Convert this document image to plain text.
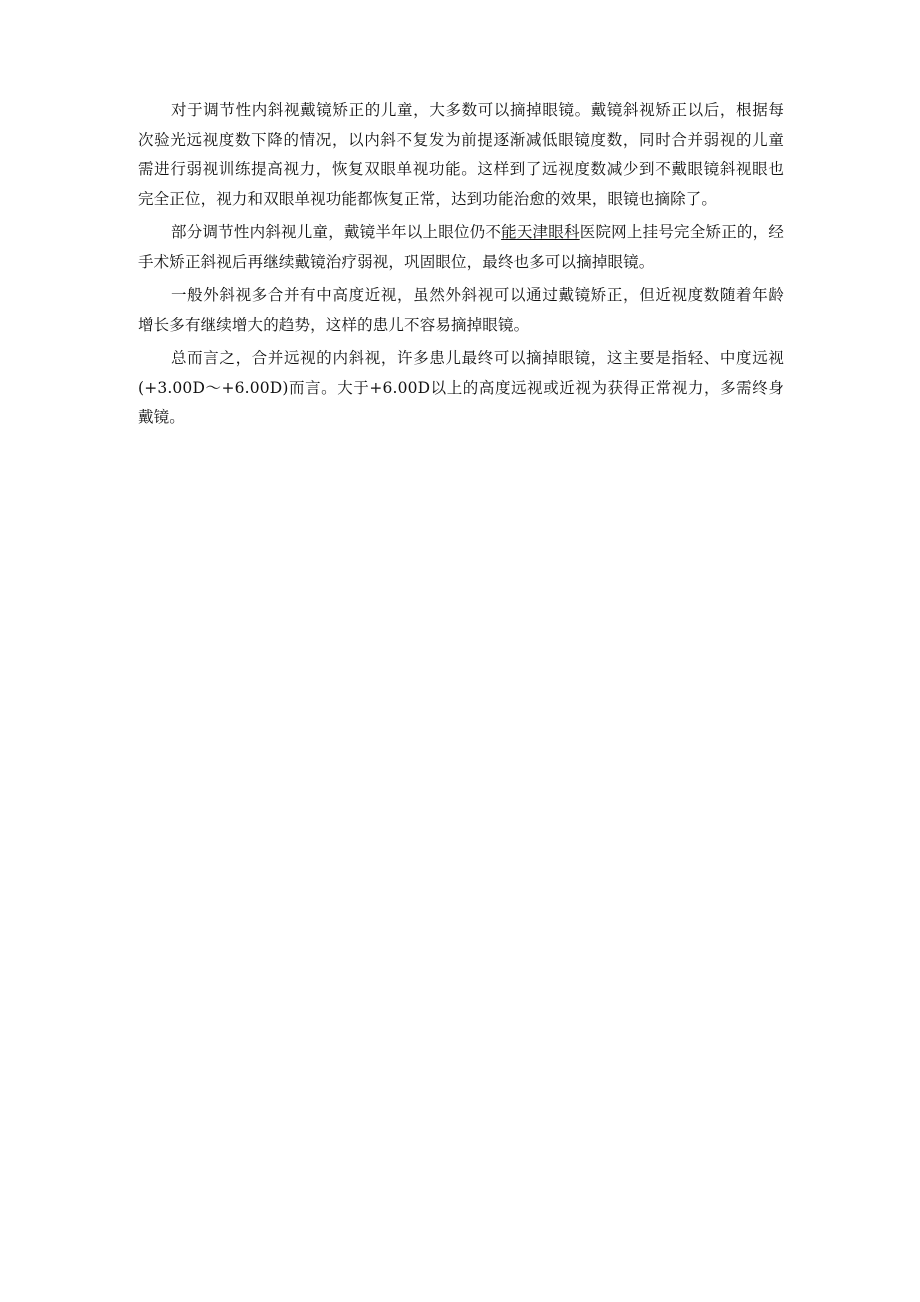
对于调节性内斜视戴镜矫正的儿童，大多数可以摘掉眼镜。戴镜斜视矫正以后，根据每 次验光远视度数下降的情况，以内斜不复发为前提逐渐减低眼镜度数，同时合并弱视的儿童 需进行弱视训练提高视力，恢复双眼单视功能。这样到了远视度数减少到不戴眼镜斜视眼也 完全正位，视力和双眼单视功能都恢复正常，达到功能治愈的效果，眼镜也摘除了。

部分调节性内斜视儿童，戴镜半年以上眼位仍不能天津眼科医院网上挂号完全矫正的，经手术矫正斜视后再继续戴镜治疗弱视，巩固眼位，最终也多可以摘掉眼镜。

一般外斜视多合并有中高度近视，虽然外斜视可以通过戴镜矫正，但近视度数随着年龄 增长多有继续增大的趋势，这样的患儿不容易摘掉眼镜。

总而言之，合并远视的内斜视，许多患儿最终可以摘掉眼镜，这主要是指轻、中度远视 (+3.00D〜+6.00D)而言。大于+6.00D以上的高度远视或近视为获得正常视力，多需终身戴镜。
